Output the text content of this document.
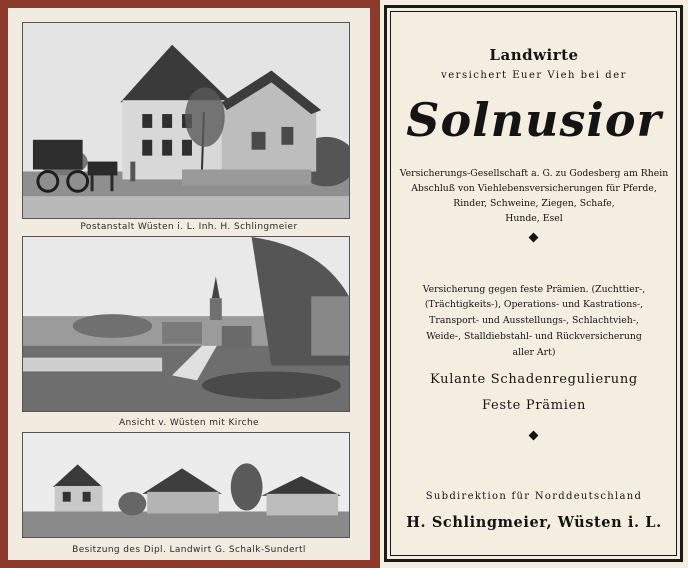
Postanstalt Wüsten i. L. Inh. H. Schlingmeier
Ansicht v. Wüsten mit Kirche
Besitzung des Dipl. Landwirt G. Schalk-Sundertl
Landwirte
versichert Euer Vieh bei der
Solnusior
Versicherungs-Gesellschaft a. G. zu Godesberg am Rhein
Abschluß von Viehlebensversicherungen für Pferde,
Rinder, Schweine, Ziegen, Schafe,
Hunde, Esel
Versicherung gegen feste Prämien. (Zuchttier-,
(Trächtigkeits-), Operations- und Kastrations-,
Transport- und Ausstellungs-, Schlachtvieh-,
Weide-, Stalldiebstahl- und Rückversicherung
aller Art)
Kulante Schadenregulierung
Feste Prämien
Subdirektion für Norddeutschland
H. Schlingmeier, Wüsten i. L.
